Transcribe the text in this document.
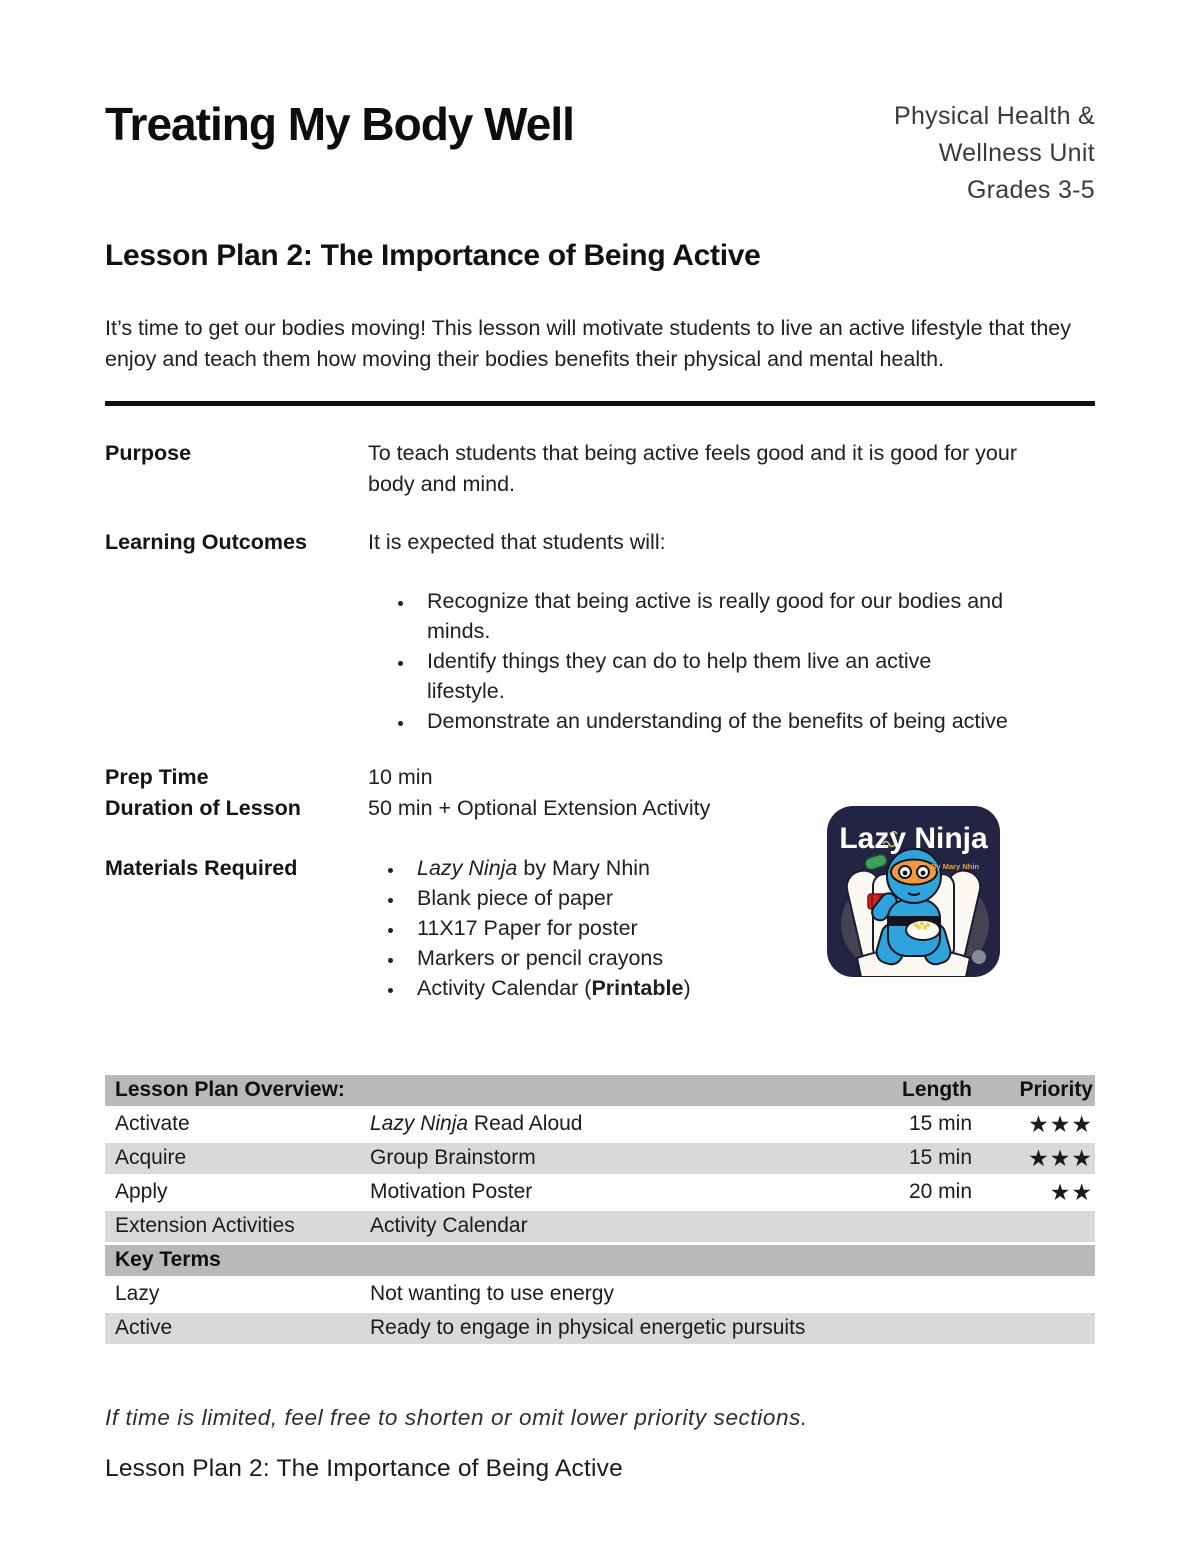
Treating My Body Well	Physical Health &
Wellness Unit
Grades 3-5
Lesson Plan 2: The Importance of Being Active

It’s time to get our bodies moving! This lesson will motivate students to live an active lifestyle that they enjoy and teach them how moving their bodies benefits their physical and mental health.

Purpose	To teach students that being active feels good and it is good for your body and mind.
Learning Outcomes	It is expected that students will:
• Recognize that being active is really good for our bodies and minds.
• Identify things they can do to help them live an active lifestyle.
• Demonstrate an understanding of the benefits of being active
Prep Time	10 min
Duration of Lesson	50 min + Optional Extension Activity
Materials Required	• Lazy Ninja by Mary Nhin
• Blank piece of paper
• 11X17 Paper for poster
• Markers or pencil crayons
• Activity Calendar (Printable)
Lazy Ninja
By Mary Nhin
Lesson Plan Overview:		Length	Priority
Activate	Lazy Ninja Read Aloud	15 min	★★★
Acquire	Group Brainstorm	15 min	★★★
Apply	Motivation Poster	20 min	★★
Extension Activities	Activity Calendar		
Key Terms			
Lazy	Not wanting to use energy		
Active	Ready to engage in physical energetic pursuits		

If time is limited, feel free to shorten or omit lower priority sections.

Lesson Plan 2: The Importance of Being Active
